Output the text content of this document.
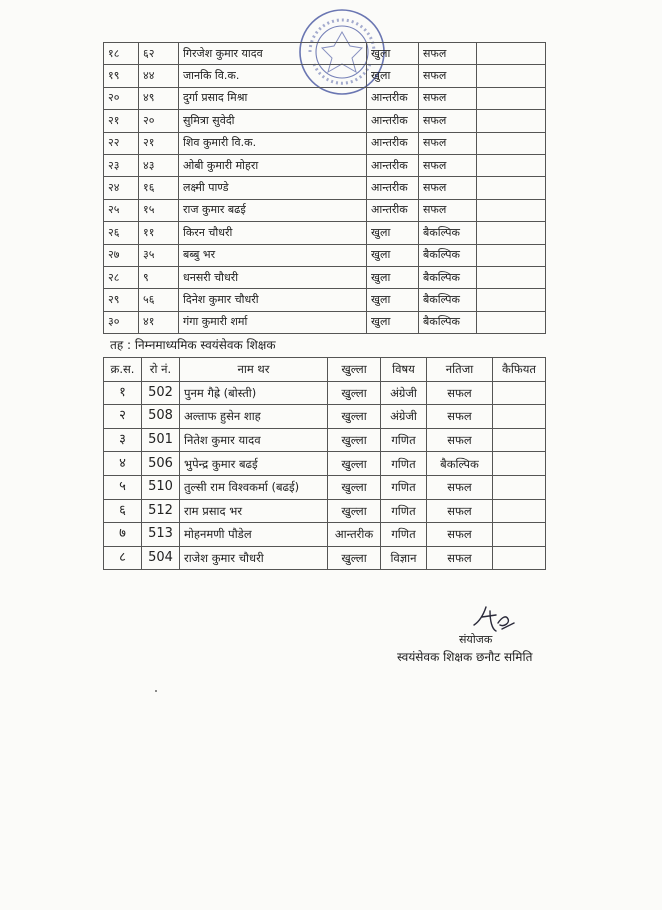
१८	६२	गिरजेश कुमार यादव	खुला	सफल	
१९	४४	जानकि वि.क.	खुला	सफल	
२०	४९	दुर्गा प्रसाद मिश्रा	आन्तरीक	सफल	
२१	२०	सुमित्रा सुवेदी	आन्तरीक	सफल	
२२	२१	शिव कुमारी वि.क.	आन्तरीक	सफल	
२३	४३	ओबी कुमारी मोहरा	आन्तरीक	सफल	
२४	१६	लक्ष्मी पाण्डे	आन्तरीक	सफल	
२५	१५	राज कुमार बढई	आन्तरीक	सफल	
२६	११	किरन चौधरी	खुला	बैकल्पिक	
२७	३५	बब्बु भर	खुला	बैकल्पिक	
२८	९	धनसरी चौधरी	खुला	बैकल्पिक	
२९	५६	दिनेश कुमार चौधरी	खुला	बैकल्पिक	
३०	४१	गंगा कुमारी शर्मा	खुला	बैकल्पिक	
तह : निम्नमाध्यमिक स्वयंसेवक शिक्षक
क्र.स.	रो नं.	नाम थर	खुल्ला	विषय	नतिजा	कैफियत
१	502	पुनम गैह्रे (बोस्ती)	खुल्ला	अंग्रेजी	सफल	
२	508	अल्ताफ हुसेन शाह	खुल्ला	अंग्रेजी	सफल	
३	501	नितेश कुमार यादव	खुल्ला	गणित	सफल	
४	506	भुपेन्द्र कुमार बढई	खुल्ला	गणित	बैकल्पिक	
५	510	तुल्सी राम विश्वकर्मा (बढई)	खुल्ला	गणित	सफल	
६	512	राम प्रसाद भर	खुल्ला	गणित	सफल	
७	513	मोहनमणी पौडेल	आन्तरीक	गणित	सफल	
८	504	राजेश कुमार चौधरी	खुल्ला	विज्ञान	सफल	
संयोजक
स्वयंसेवक शिक्षक छनौट समिति
